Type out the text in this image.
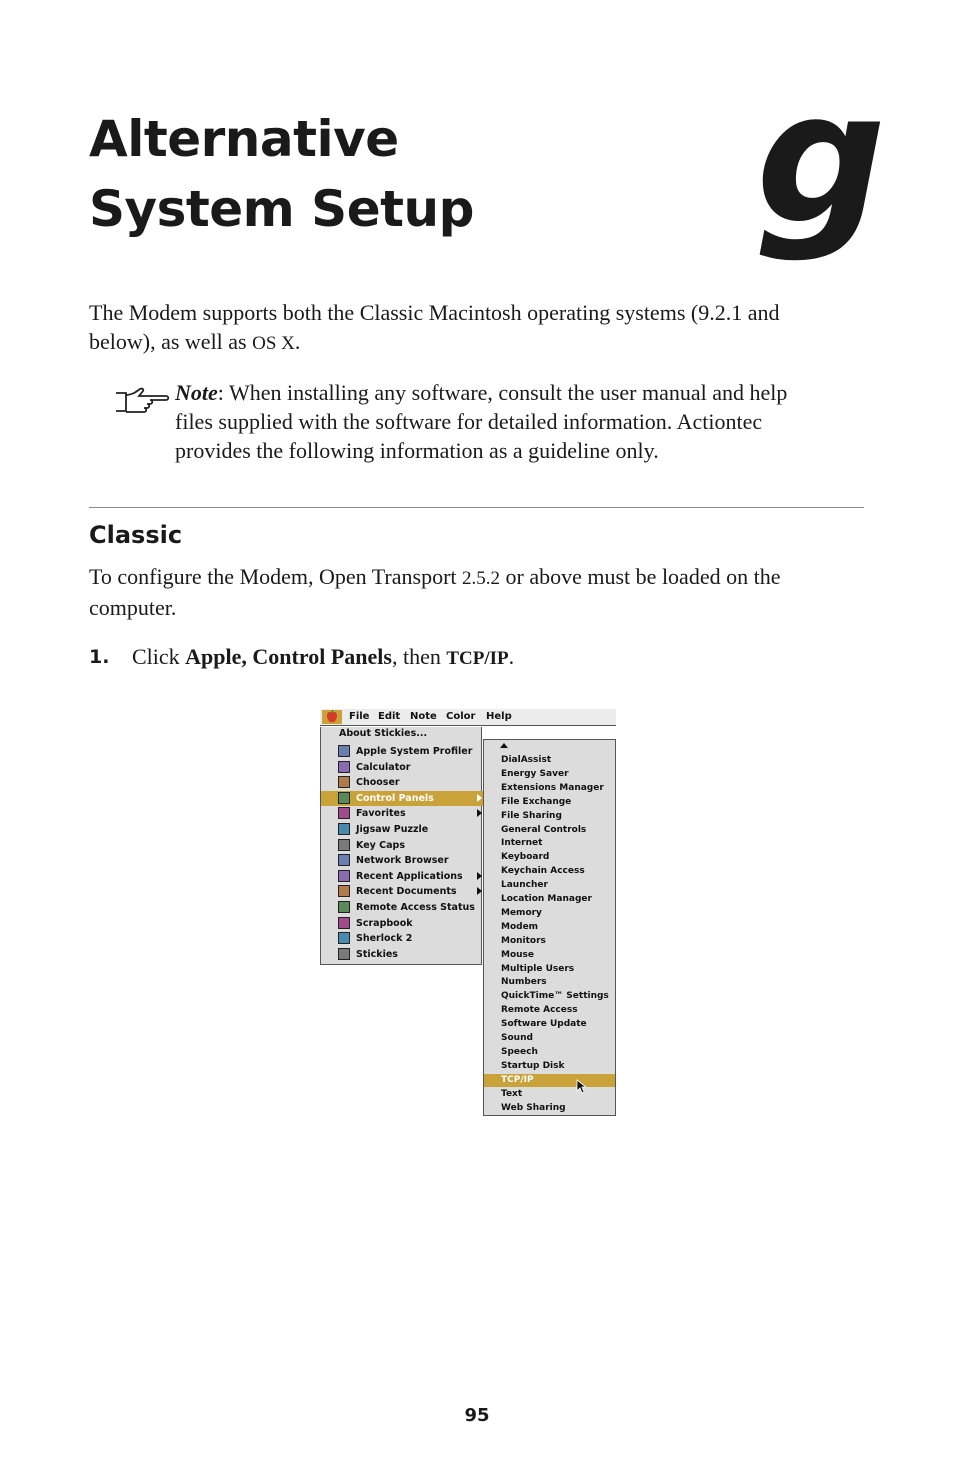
Alternative
System Setup g

The Modem supports both the Classic Macintosh operating systems (9.2.1 and below), as well as OS X.

Note: When installing any software, consult the user manual and help files supplied with the software for detailed information. Actiontec provides the following information as a guideline only.

Classic

To configure the Modem, Open Transport 2.5.2 or above must be loaded on the computer.

1. Click Apple, Control Panels, then TCP/IP.
File Edit Note Color Help
About Stickies...
Apple System Profiler
Calculator
Chooser
Control Panels
Favorites
Jigsaw Puzzle
Key Caps
Network Browser
Recent Applications
Recent Documents
Remote Access Status
Scrapbook
Sherlock 2
Stickies
DialAssist
Energy Saver
Extensions Manager
File Exchange
File Sharing
General Controls
Internet
Keyboard
Keychain Access
Launcher
Location Manager
Memory
Modem
Monitors
Mouse
Multiple Users
Numbers
QuickTime™ Settings
Remote Access
Software Update
Sound
Speech
Startup Disk
TCP/IP
Text
Web Sharing
95
